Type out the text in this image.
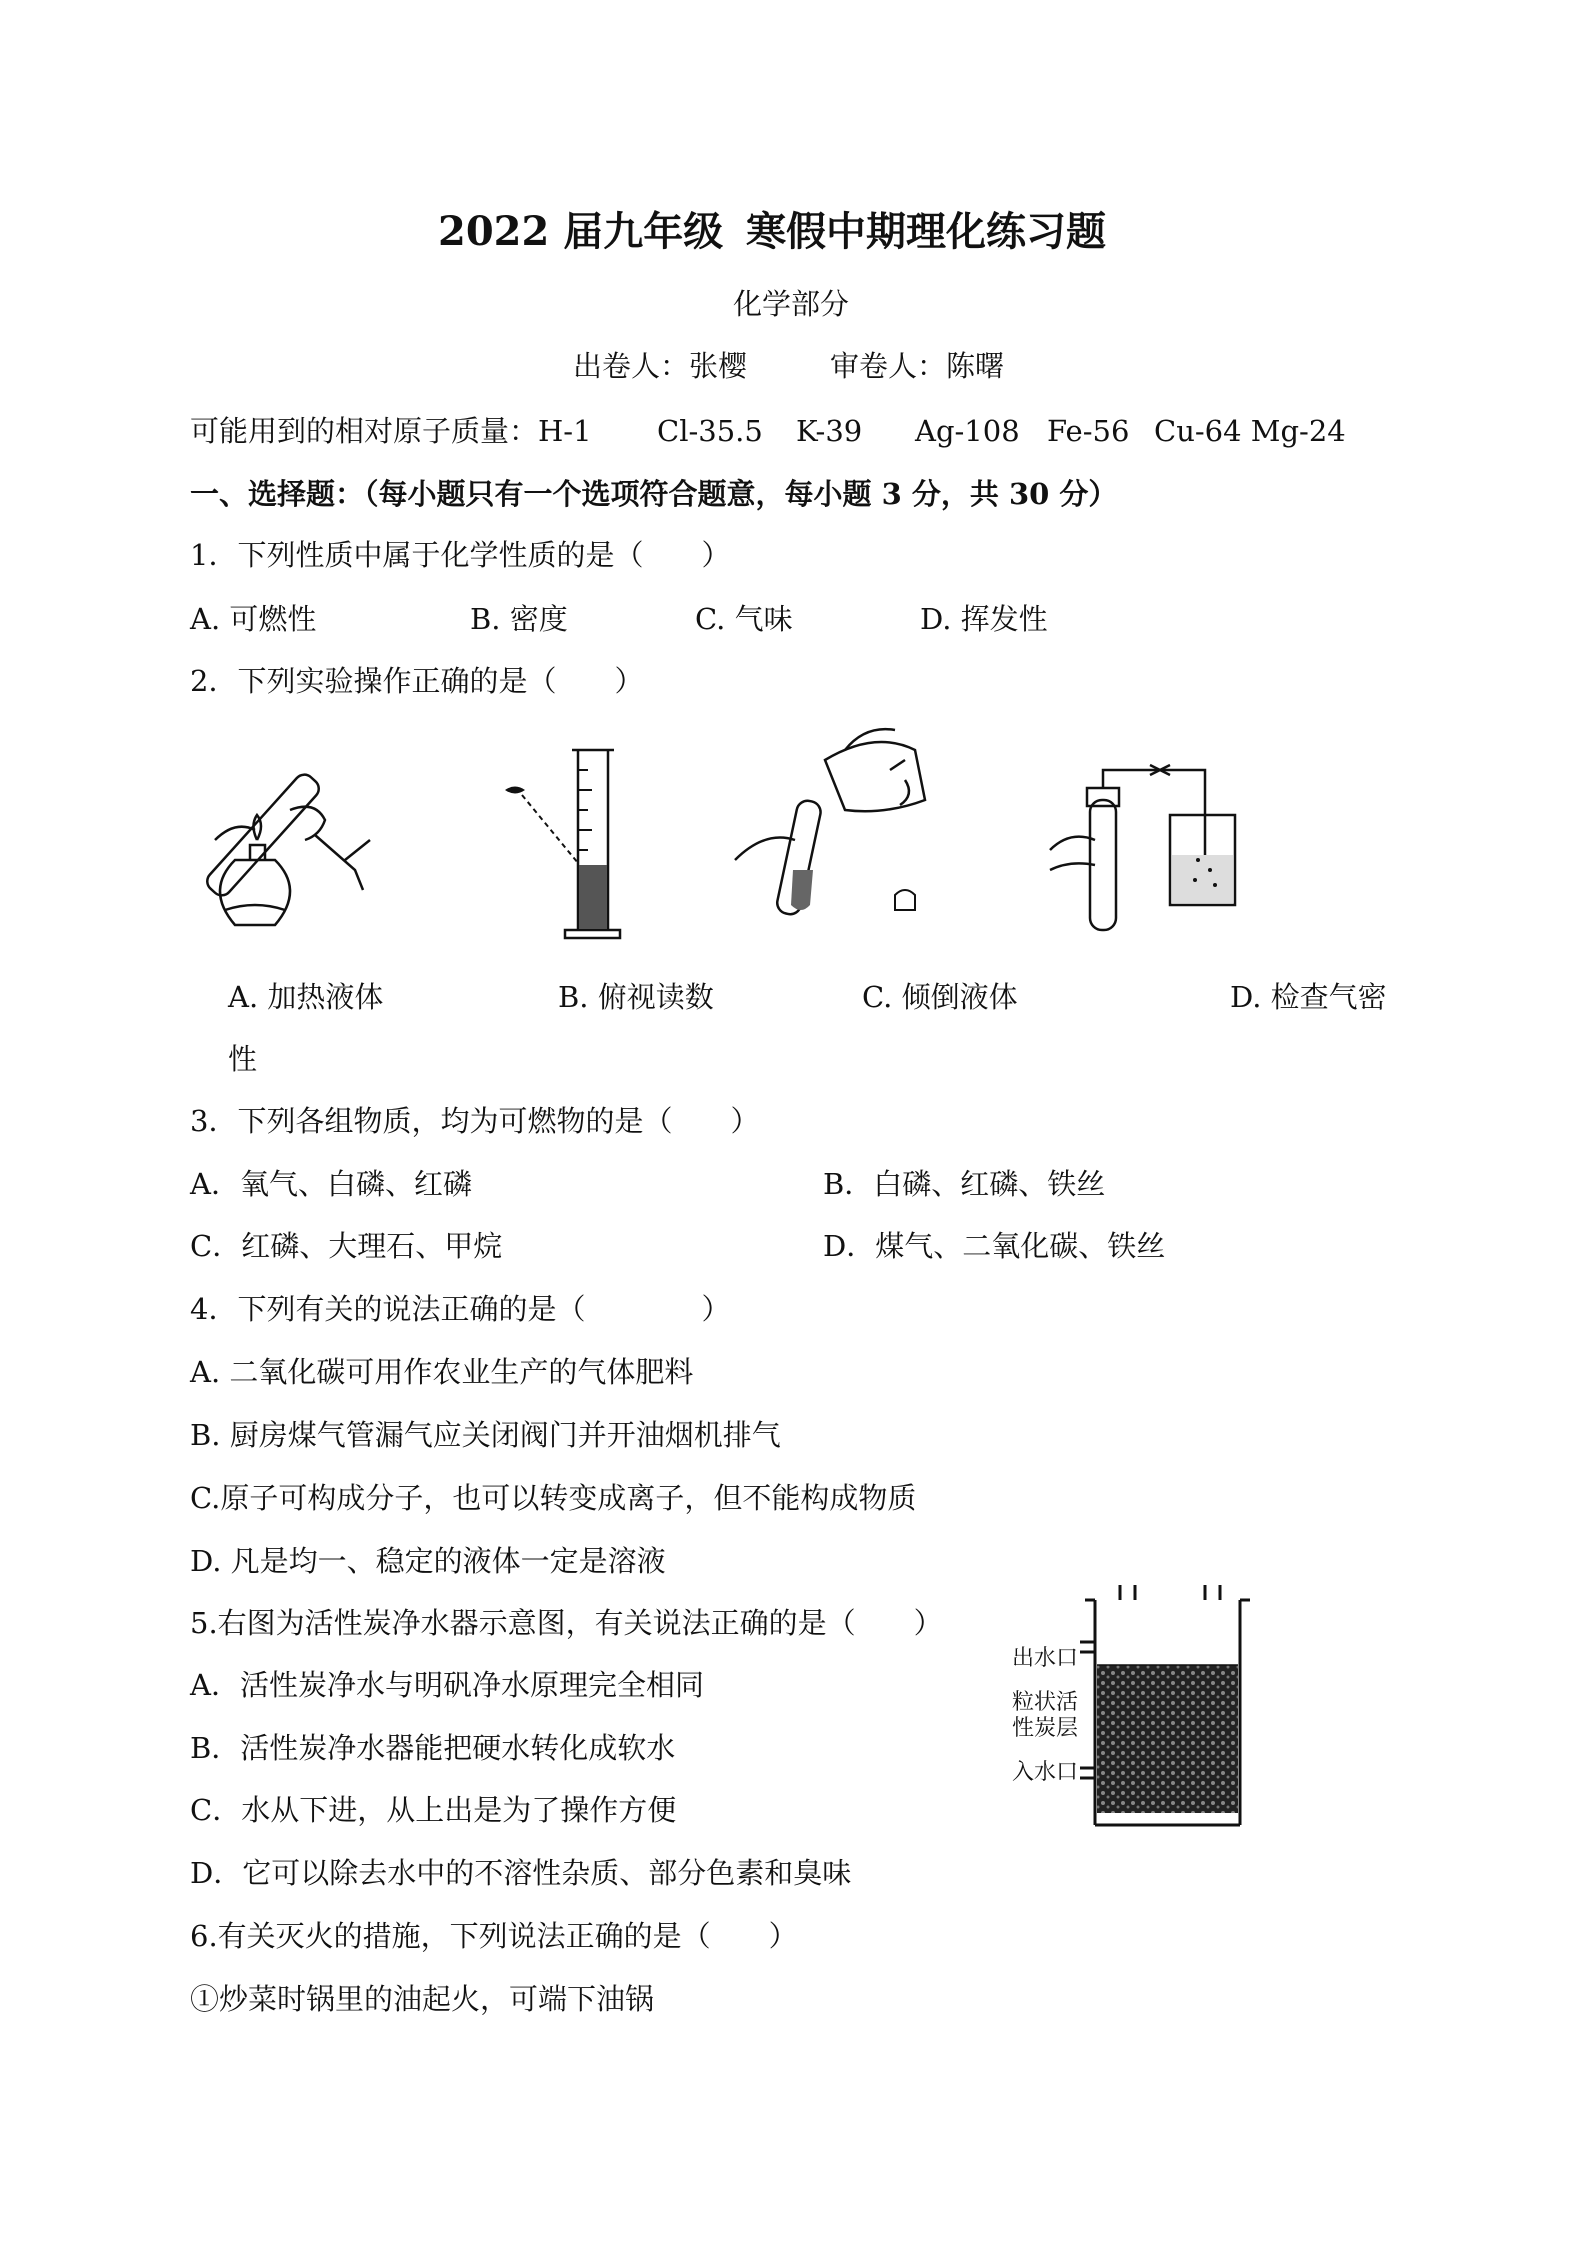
2022 届九年级 寒假中期理化练习题
化学部分
出卷人：张樱	审卷人：陈曙
可能用到的相对原子质量：H-1 Cl-35.5 K-39 Ag-108 Fe-56 Cu-64 Mg-24
一、选择题：（每小题只有一个选项符合题意，每小题 3 分，共 30 分）
1．下列性质中属于化学性质的是（　　）
A. 可燃性	B. 密度	C. 气味	D. 挥发性
2．下列实验操作正确的是（　　）
A. 加热液体	B. 俯视读数	C. 倾倒液体	D. 检查气密
性
3．下列各组物质，均为可燃物的是（　　）
A．氧气、白磷、红磷	B．白磷、红磷、铁丝
C．红磷、大理石、甲烷	D．煤气、二氧化碳、铁丝
4．下列有关的说法正确的是（　　　　）
A. 二氧化碳可用作农业生产的气体肥料
B. 厨房煤气管漏气应关闭阀门并开油烟机排气
C.原子可构成分子，也可以转变成离子，但不能构成物质
D. 凡是均一、稳定的液体一定是溶液
5.右图为活性炭净水器示意图，有关说法正确的是（　　）
A．活性炭净水与明矾净水原理完全相同
B．活性炭净水器能把硬水转化成软水
C．水从下进，从上出是为了操作方便
D．它可以除去水中的不溶性杂质、部分色素和臭味
出水口
粒状活
性炭层
入水口
6.有关灭火的措施，下列说法正确的是（　　）
①炒菜时锅里的油起火，可端下油锅
